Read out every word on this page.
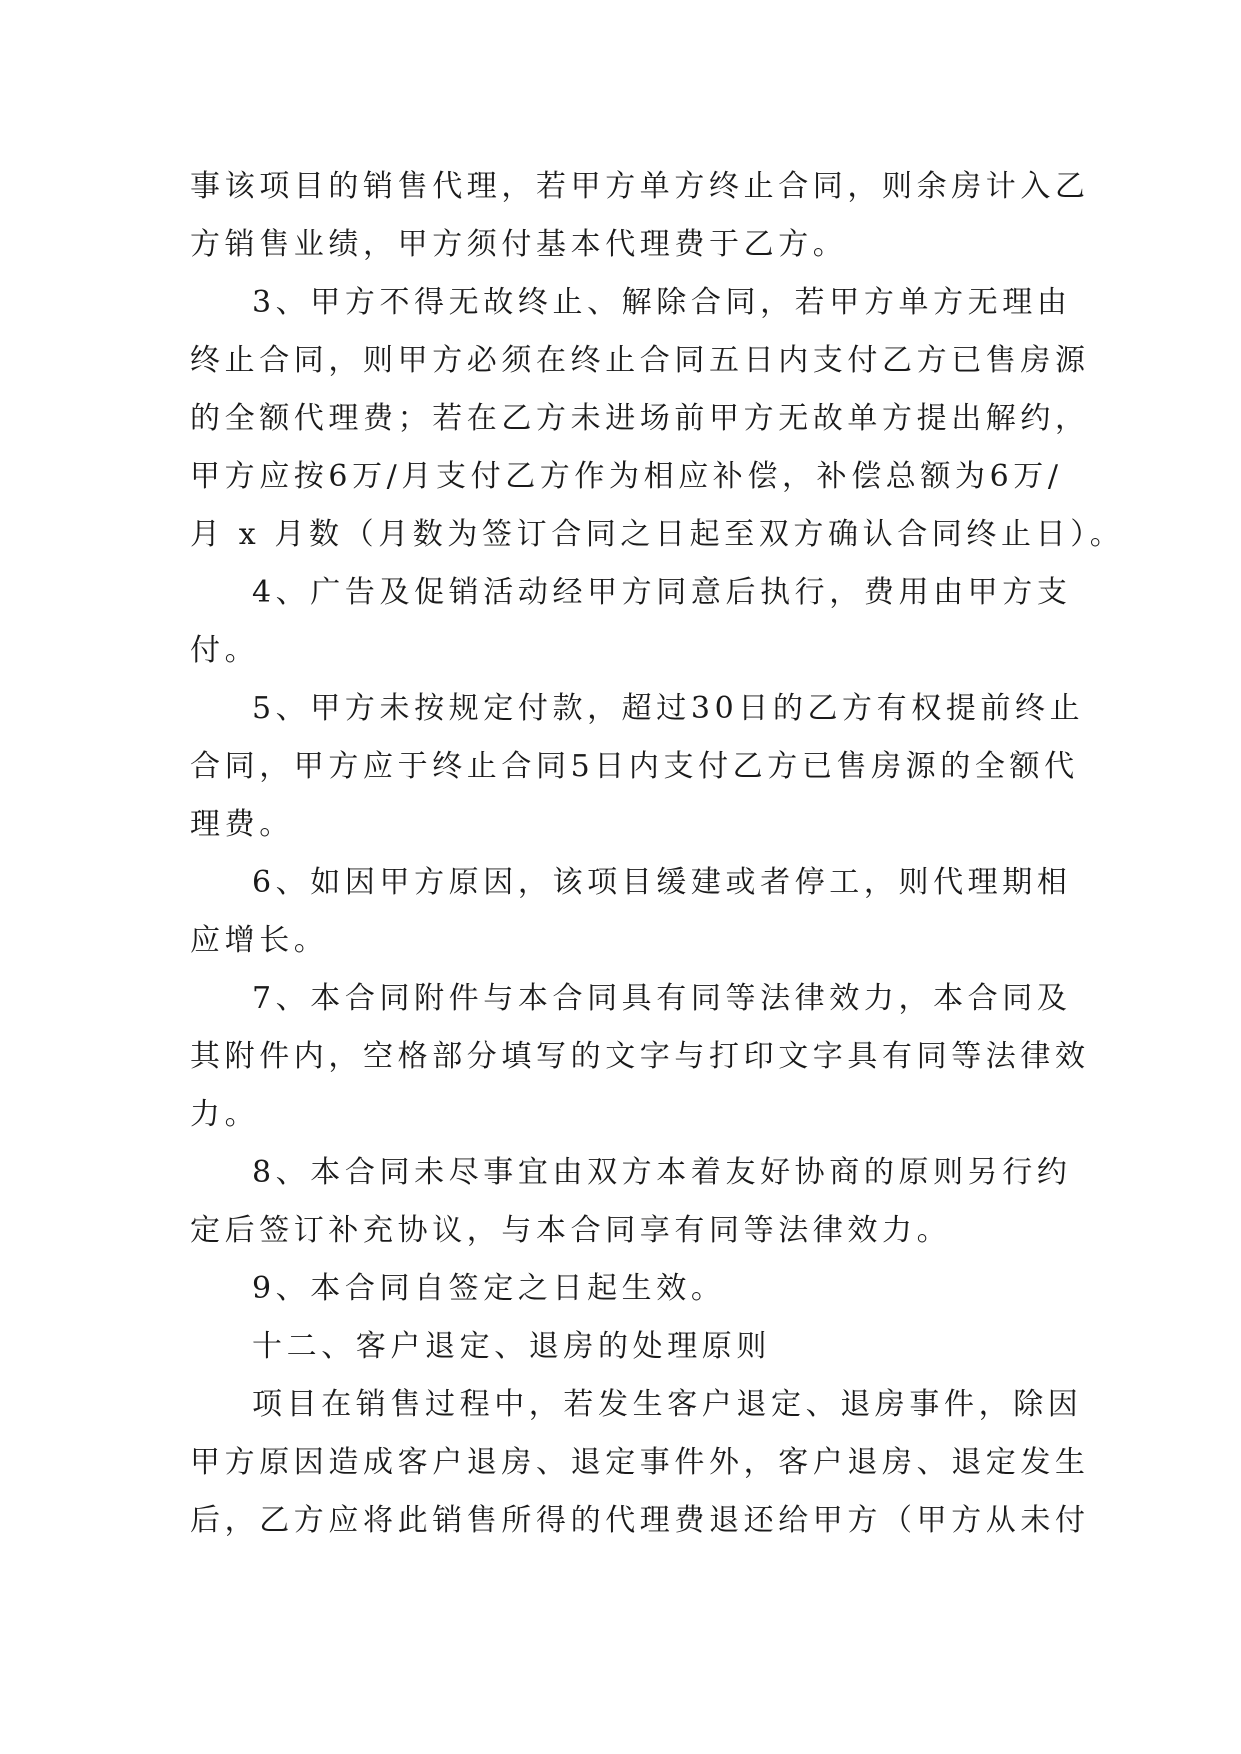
事该项目的销售代理，若甲方单方终止合同，则余房计入乙
方销售业绩，甲方须付基本代理费于乙方。
3、甲方不得无故终止、解除合同，若甲方单方无理由
终止合同，则甲方必须在终止合同五日内支付乙方已售房源
的全额代理费；若在乙方未进场前甲方无故单方提出解约，
甲方应按6万/月支付乙方作为相应补偿，补偿总额为6万/
月 x 月数（月数为签订合同之日起至双方确认合同终止日）。
4、广告及促销活动经甲方同意后执行，费用由甲方支
付。
5、甲方未按规定付款，超过30日的乙方有权提前终止
合同，甲方应于终止合同5日内支付乙方已售房源的全额代
理费。
6、如因甲方原因，该项目缓建或者停工，则代理期相
应增长。
7、本合同附件与本合同具有同等法律效力，本合同及
其附件内，空格部分填写的文字与打印文字具有同等法律效
力。
8、本合同未尽事宜由双方本着友好协商的原则另行约
定后签订补充协议，与本合同享有同等法律效力。
9、本合同自签定之日起生效。
十二、客户退定、退房的处理原则
项目在销售过程中，若发生客户退定、退房事件，除因
甲方原因造成客户退房、退定事件外，客户退房、退定发生
后，乙方应将此销售所得的代理费退还给甲方（甲方从未付
